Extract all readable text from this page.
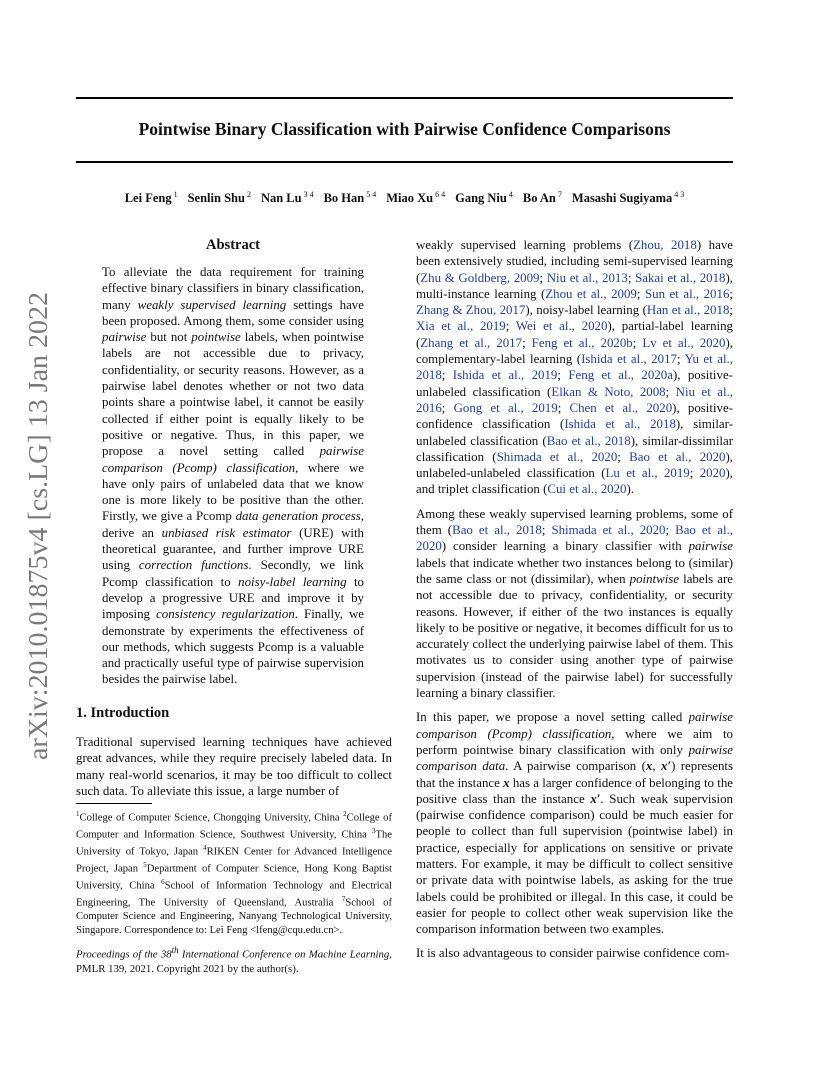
Pointwise Binary Classification with Pairwise Confidence Comparisons
Lei Feng $^1$ Senlin Shu $^2$ Nan Lu $^{3 4}$ Bo Han $^{5 4}$ Miao Xu $^{6 4}$ Gang Niu $^4$ Bo An $^7$ Masashi Sugiyama $^{4 3}$
arXiv:2010.01875v4 [cs.LG] 13 Jan 2022
Abstract
To alleviate the data requirement for training effective binary classifiers in binary classification, many weakly supervised learning settings have been proposed. Among them, some consider using pairwise but not pointwise labels, when pointwise labels are not accessible due to privacy, confidentiality, or security reasons. However, as a pairwise label denotes whether or not two data points share a pointwise label, it cannot be easily collected if either point is equally likely to be positive or negative. Thus, in this paper, we propose a novel setting called pairwise comparison (Pcomp) classification, where we have only pairs of unlabeled data that we know one is more likely to be positive than the other. Firstly, we give a Pcomp data generation process, derive an unbiased risk estimator (URE) with theoretical guarantee, and further improve URE using correction functions. Secondly, we link Pcomp classification to noisy-label learning to develop a progressive URE and improve it by imposing consistency regularization. Finally, we demonstrate by experiments the effectiveness of our methods, which suggests Pcomp is a valuable and practically useful type of pairwise supervision besides the pairwise label.
1. Introduction
Traditional supervised learning techniques have achieved great advances, while they require precisely labeled data. In many real-world scenarios, it may be too difficult to collect such data. To alleviate this issue, a large number of
$^1$College of Computer Science, Chongqing University, China $^2$College of Computer and Information Science, Southwest University, China $^3$The University of Tokyo, Japan $^4$RIKEN Center for Advanced Intelligence Project, Japan $^5$Department of Computer Science, Hong Kong Baptist University, China $^6$School of Information Technology and Electrical Engineering, The University of Queensland, Australia $^7$School of Computer Science and Engineering, Nanyang Technological University, Singapore. Correspondence to: Lei Feng <lfeng@cqu.edu.cn>.
Proceedings of the 38th International Conference on Machine Learning, PMLR 139, 2021. Copyright 2021 by the author(s).

weakly supervised learning problems (Zhou, 2018) have been extensively studied, including semi-supervised learning (Zhu & Goldberg, 2009; Niu et al., 2013; Sakai et al., 2018), multi-instance learning (Zhou et al., 2009; Sun et al., 2016; Zhang & Zhou, 2017), noisy-label learning (Han et al., 2018; Xia et al., 2019; Wei et al., 2020), partial-label learning (Zhang et al., 2017; Feng et al., 2020b; Lv et al., 2020), complementary-label learning (Ishida et al., 2017; Yu et al., 2018; Ishida et al., 2019; Feng et al., 2020a), positive-unlabeled classification (Elkan & Noto, 2008; Niu et al., 2016; Gong et al., 2019; Chen et al., 2020), positive-confidence classification (Ishida et al., 2018), similar-unlabeled classification (Bao et al., 2018), similar-dissimilar classification (Shimada et al., 2020; Bao et al., 2020), unlabeled-unlabeled classification (Lu et al., 2019; 2020), and triplet classification (Cui et al., 2020).

Among these weakly supervised learning problems, some of them (Bao et al., 2018; Shimada et al., 2020; Bao et al., 2020) consider learning a binary classifier with pairwise labels that indicate whether two instances belong to (similar) the same class or not (dissimilar), when pointwise labels are not accessible due to privacy, confidentiality, or security reasons. However, if either of the two instances is equally likely to be positive or negative, it becomes difficult for us to accurately collect the underlying pairwise label of them. This motivates us to consider using another type of pairwise supervision (instead of the pairwise label) for successfully learning a binary classifier.

In this paper, we propose a novel setting called pairwise comparison (Pcomp) classification, where we aim to perform pointwise binary classification with only pairwise comparison data. A pairwise comparison (x, x′) represents that the instance x has a larger confidence of belonging to the positive class than the instance x′. Such weak supervision (pairwise confidence comparison) could be much easier for people to collect than full supervision (pointwise label) in practice, especially for applications on sensitive or private matters. For example, it may be difficult to collect sensitive or private data with pointwise labels, as asking for the true labels could be prohibited or illegal. In this case, it could be easier for people to collect other weak supervision like the comparison information between two examples.

It is also advantageous to consider pairwise confidence com-
